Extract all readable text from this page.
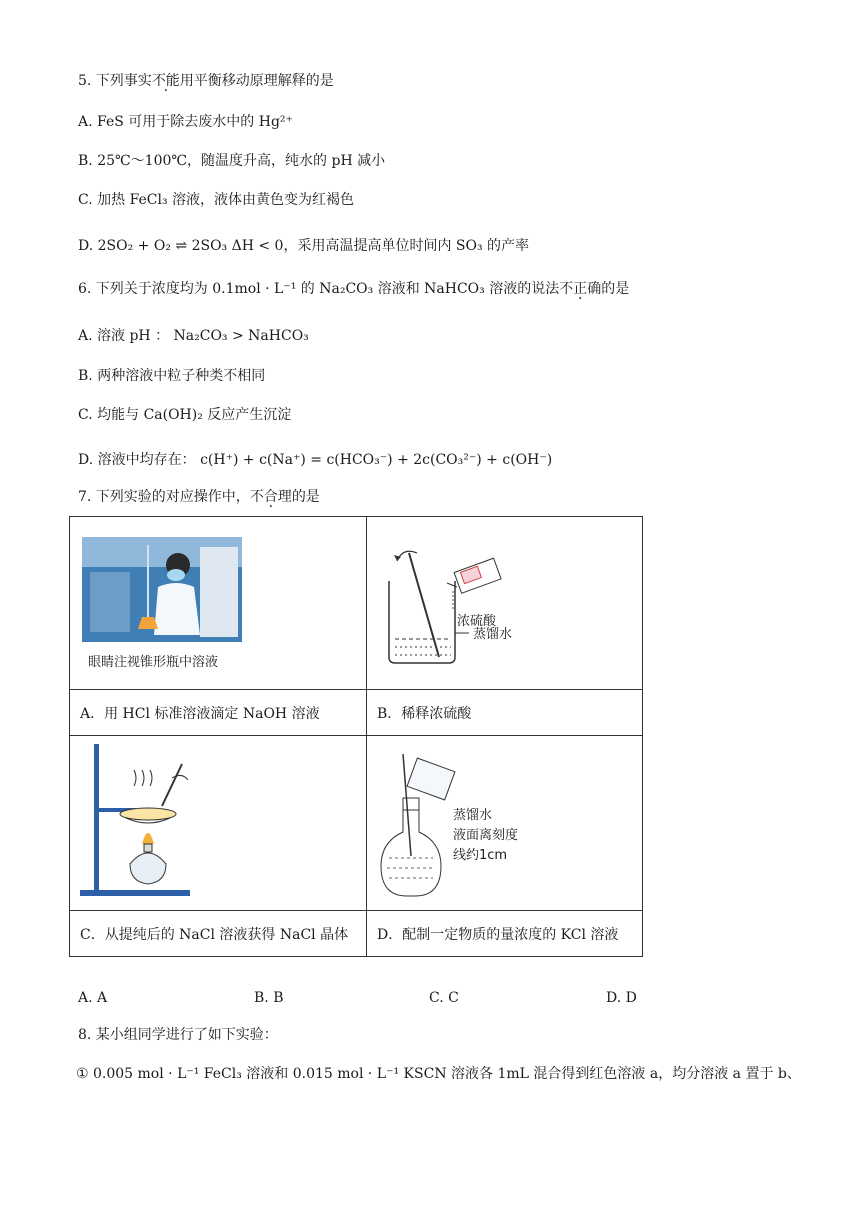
5. 下列事实不能用平衡移动原理解释的是
A. FeS 可用于除去废水中的 Hg²⁺
B. 25℃～100℃，随温度升高，纯水的 pH 减小
C. 加热 FeCl₃ 溶液，液体由黄色变为红褐色
D. 2SO₂ + O₂ ⇌ 2SO₃ ΔH < 0，采用高温提高单位时间内 SO₃ 的产率
6. 下列关于浓度均为 0.1mol · L⁻¹ 的 Na₂CO₃ 溶液和 NaHCO₃ 溶液的说法不正确的是
A. 溶液 pH ： Na₂CO₃ > NaHCO₃
B. 两种溶液中粒子种类不相同
C. 均能与 Ca(OH)₂ 反应产生沉淀
D. 溶液中均存在： c(H⁺) + c(Na⁺) = c(HCO₃⁻) + 2c(CO₃²⁻) + c(OH⁻)
7. 下列实验的对应操作中，不合理的是
眼睛注视锥形瓶中溶液	浓硫酸
蒸馏水

A．用 HCl 标准溶液滴定 NaOH 溶液	B．稀释浓硫酸

蒸馏水
液面离刻度
线约1cm

C．从提纯后的 NaCl 溶液获得 NaCl 晶体	D．配制一定物质的量浓度的 KCl 溶液
A. A	B. B	C. C	D. D
8. 某小组同学进行了如下实验：
① 0.005 mol · L⁻¹ FeCl₃ 溶液和 0.015 mol · L⁻¹ KSCN 溶液各 1mL 混合得到红色溶液 a，均分溶液 a 置于 b、
